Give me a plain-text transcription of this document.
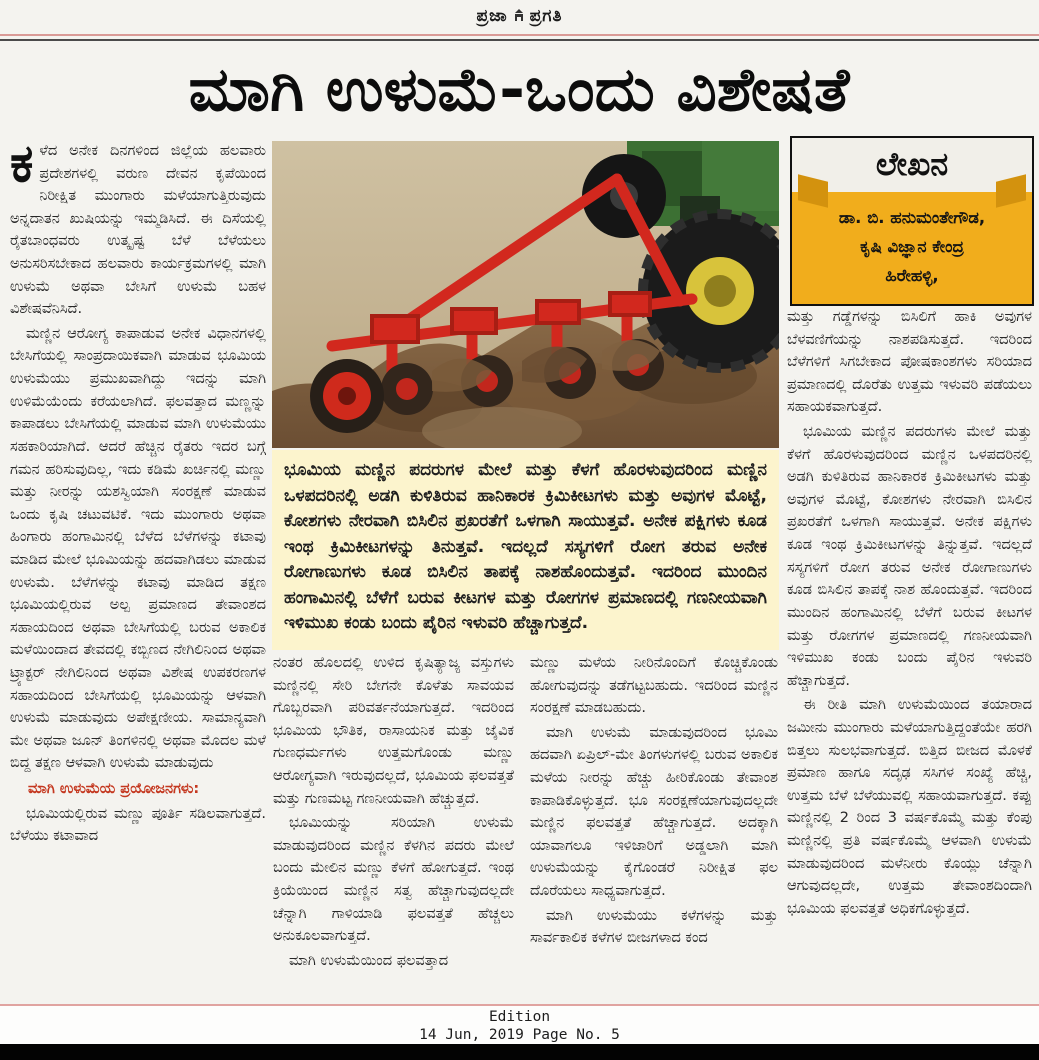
ಪ್ರಜಾ ಪ್ರಗತಿ
ಮಾಗಿ ಉಳುಮೆ-ಒಂದು ವಿಶೇಷತೆ

ಕಳೆದ ಅನೇಕ ದಿನಗಳಿಂದ ಜಿಲ್ಲೆಯ ಹಲವಾರು ಪ್ರದೇಶಗಳಲ್ಲಿ ವರುಣ ದೇವನ ಕೃಪೆಯಿಂದ ನಿರೀಕ್ಷಿತ ಮುಂಗಾರು ಮಳೆಯಾಗುತ್ತಿರುವುದು ಅನ್ನದಾತನ ಖುಷಿಯನ್ನು ಇಮ್ಮಡಿಸಿದೆ. ಈ ದಿಸೆಯಲ್ಲಿ ರೈತಬಾಂಧವರು ಉತ್ಕೃಷ್ಟ ಬೆಳೆ ಬೆಳೆಯಲು ಅನುಸರಿಸಬೇಕಾದ ಹಲವಾರು ಕಾರ್ಯಕ್ರಮಗಳಲ್ಲಿ ಮಾಗಿ ಉಳುಮೆ ಅಥವಾ ಬೇಸಿಗೆ ಉಳುಮೆ ಬಹಳ ವಿಶೇಷವೆನಿಸಿದೆ.

ಮಣ್ಣಿನ ಆರೋಗ್ಯ ಕಾಪಾಡುವ ಅನೇಕ ವಿಧಾನಗಳಲ್ಲಿ ಬೇಸಿಗೆಯಲ್ಲಿ ಸಾಂಪ್ರದಾಯಿಕವಾಗಿ ಮಾಡುವ ಭೂಮಿಯ ಉಳುಮೆಯು ಪ್ರಮುಖವಾಗಿದ್ದು ಇದನ್ನು ಮಾಗಿ ಉಳಿಮೆಯೆಂದು ಕರೆಯಲಾಗಿದೆ. ಫಲವತ್ತಾದ ಮಣ್ಣನ್ನು ಕಾಪಾಡಲು ಬೇಸಿಗೆಯಲ್ಲಿ ಮಾಡುವ ಮಾಗಿ ಉಳುಮೆಯು ಸಹಕಾರಿಯಾಗಿದೆ. ಆದರೆ ಹೆಚ್ಚಿನ ರೈತರು ಇದರ ಬಗ್ಗೆ ಗಮನ ಹರಿಸುವುದಿಲ್ಲ, ಇದು ಕಡಿಮೆ ಖರ್ಚಿನಲ್ಲಿ ಮಣ್ಣು ಮತ್ತು ನೀರನ್ನು ಯಶಸ್ವಿಯಾಗಿ ಸಂರಕ್ಷಣೆ ಮಾಡುವ ಒಂದು ಕೃಷಿ ಚಟುವಟಿಕೆ. ಇದು ಮುಂಗಾರು ಅಥವಾ ಹಿಂಗಾರು ಹಂಗಾಮಿನಲ್ಲಿ ಬೆಳೆದ ಬೆಳೆಗಳನ್ನು ಕಟಾವು ಮಾಡಿದ ಮೇಲೆ ಭೂಮಿಯನ್ನು ಹದವಾಗಿಡಲು ಮಾಡುವ ಉಳುಮೆ. ಬೆಳೆಗಳನ್ನು ಕಟಾವು ಮಾಡಿದ ತಕ್ಷಣ ಭೂಮಿಯಲ್ಲಿರುವ ಅಲ್ಪ ಪ್ರಮಾಣದ ತೇವಾಂಶದ ಸಹಾಯದಿಂದ ಅಥವಾ ಬೇಸಿಗೆಯಲ್ಲಿ ಬರುವ ಅಕಾಲಿಕ ಮಳೆಯಿಂದಾದ ತೇವದಲ್ಲಿ ಕಬ್ಬಿಣದ ನೇಗಿಲಿನಿಂದ ಅಥವಾ ಟ್ರ್ಯಾಕ್ಟರ್ ನೇಗಿಲಿನಿಂದ ಅಥವಾ ವಿಶೇಷ ಉಪಕರಣಗಳ ಸಹಾಯದಿಂದ ಬೇಸಿಗೆಯಲ್ಲಿ ಭೂಮಿಯನ್ನು ಆಳವಾಗಿ ಉಳುಮೆ ಮಾಡುವುದು ಅಪೇಕ್ಷಣೀಯ. ಸಾಮಾನ್ಯವಾಗಿ ಮೇ ಅಥವಾ ಜೂನ್ ತಿಂಗಳಿನಲ್ಲಿ ಅಥವಾ ಮೊದಲ ಮಳೆ ಬಿದ್ದ ತಕ್ಷಣ ಆಳವಾಗಿ ಉಳುಮೆ ಮಾಡುವುದು

ಮಾಗಿ ಉಳುಮೆಯ ಪ್ರಯೋಜನಗಳು:

ಭೂಮಿಯಲ್ಲಿರುವ ಮಣ್ಣು ಪೂರ್ತಿ ಸಡಿಲವಾಗುತ್ತದೆ. ಬೆಳೆಯು ಕಟಾವಾದ

ಭೂಮಿಯ ಮಣ್ಣಿನ ಪದರುಗಳ ಮೇಲೆ ಮತ್ತು ಕೆಳಗೆ ಹೊರಳುವುದರಿಂದ ಮಣ್ಣಿನ ಒಳಪದರಿನಲ್ಲಿ ಅಡಗಿ ಕುಳಿತಿರುವ ಹಾನಿಕಾರಕ ಕ್ರಿಮಿಕೀಟಗಳು ಮತ್ತು ಅವುಗಳ ಮೊಟ್ಟೆ, ಕೋಶಗಳು ನೇರವಾಗಿ ಬಿಸಿಲಿನ ಪ್ರಖರತೆಗೆ ಒಳಗಾಗಿ ಸಾಯುತ್ತವೆ. ಅನೇಕ ಪಕ್ಷಿಗಳು ಕೂಡ ಇಂಥ ಕ್ರಿಮಿಕೀಟಗಳನ್ನು ತಿನುತ್ತವೆ. ಇದಲ್ಲದೆ ಸಸ್ಯಗಳಿಗೆ ರೋಗ ತರುವ ಅನೇಕ ರೋಗಾಣುಗಳು ಕೂಡ ಬಿಸಿಲಿನ ತಾಪಕ್ಕೆ ನಾಶಹೊಂದುತ್ತವೆ. ಇದರಿಂದ ಮುಂದಿನ ಹಂಗಾಮಿನಲ್ಲಿ ಬೆಳೆಗೆ ಬರುವ ಕೀಟಗಳ ಮತ್ತು ರೋಗಗಳ ಪ್ರಮಾಣದಲ್ಲಿ ಗಣನೀಯವಾಗಿ ಇಳಿಮುಖ ಕಂಡು ಬಂದು ಪೈರಿನ ಇಳುವರಿ ಹೆಚ್ಚಾಗುತ್ತದೆ.
ಲೇಖನ
ಡಾ. ಬಿ. ಹನುಮಂತೇಗೌಡ,
ಕೃಷಿ ವಿಜ್ಞಾನ ಕೇಂದ್ರ
ಹಿರೇಹಳ್ಳಿ,

ನಂತರ ಹೊಲದಲ್ಲಿ ಉಳಿದ ಕೃಷಿತ್ಯಾಜ್ಯ ವಸ್ತುಗಳು ಮಣ್ಣಿನಲ್ಲಿ ಸೇರಿ ಬೇಗನೇ ಕೊಳೆತು ಸಾವಯವ ಗೊಬ್ಬರವಾಗಿ ಪರಿವರ್ತನೆಯಾಗುತ್ತದೆ. ಇದರಿಂದ ಭೂಮಿಯ ಭೌತಿಕ, ರಾಸಾಯನಿಕ ಮತ್ತು ಜೈವಿಕ ಗುಣಧರ್ಮಗಳು ಉತ್ತಮಗೊಂಡು ಮಣ್ಣು ಆರೋಗ್ಯವಾಗಿ ಇರುವುದಲ್ಲದೆ, ಭೂಮಿಯ ಫಲವತ್ತತೆ ಮತ್ತು ಗುಣಮಟ್ಟ ಗಣನೀಯವಾಗಿ ಹೆಚ್ಚುತ್ತದೆ.

ಭೂಮಿಯನ್ನು ಸರಿಯಾಗಿ ಉಳುಮೆ ಮಾಡುವುದರಿಂದ ಮಣ್ಣಿನ ಕೆಳಗಿನ ಪದರು ಮೇಲೆ ಬಂದು ಮೇಲಿನ ಮಣ್ಣು ಕೆಳಗೆ ಹೋಗುತ್ತದೆ. ಇಂಥ ಕ್ರಿಯೆಯಿಂದ ಮಣ್ಣಿನ ಸತ್ವ ಹೆಚ್ಚಾಗುವುದಲ್ಲದೇ ಚೆನ್ನಾಗಿ ಗಾಳಿಯಾಡಿ ಫಲವತ್ತತೆ ಹೆಚ್ಚಲು ಅನುಕೂಲವಾಗುತ್ತದೆ.

ಮಾಗಿ ಉಳುಮೆಯಿಂದ ಫಲವತ್ತಾದ

ಮಣ್ಣು ಮಳೆಯ ನೀರಿನೊಂದಿಗೆ ಕೊಚ್ಚಿಕೊಂಡು ಹೋಗುವುದನ್ನು ತಡೆಗಟ್ಟಬಹುದು. ಇದರಿಂದ ಮಣ್ಣಿನ ಸಂರಕ್ಷಣೆ ಮಾಡಬಹುದು.

ಮಾಗಿ ಉಳುಮೆ ಮಾಡುವುದರಿಂದ ಭೂಮಿ ಹದವಾಗಿ ಏಪ್ರಿಲ್-ಮೇ ತಿಂಗಳುಗಳಲ್ಲಿ ಬರುವ ಅಕಾಲಿಕ ಮಳೆಯ ನೀರನ್ನು ಹೆಚ್ಚು ಹೀರಿಕೊಂಡು ತೇವಾಂಶ ಕಾಪಾಡಿಕೊಳ್ಳುತ್ತದೆ. ಭೂ ಸಂರಕ್ಷಣೆಯಾಗುವುದಲ್ಲದೇ ಮಣ್ಣಿನ ಫಲವತ್ತತೆ ಹೆಚ್ಚಾಗುತ್ತದೆ. ಅದಕ್ಕಾಗಿ ಯಾವಾಗಲೂ ಇಳಿಜಾರಿಗೆ ಅಡ್ಡಲಾಗಿ ಮಾಗಿ ಉಳುಮೆಯನ್ನು ಕೈಗೊಂಡರೆ ನಿರೀಕ್ಷಿತ ಫಲ ದೊರೆಯಲು ಸಾಧ್ಯವಾಗುತ್ತದೆ.

ಮಾಗಿ ಉಳುಮೆಯು ಕಳೆಗಳನ್ನು ಮತ್ತು ಸಾರ್ವಕಾಲಿಕ ಕಳೆಗಳ ಬೀಜಗಳಾದ ಕಂದ

ಮತ್ತು ಗಡ್ಡೆಗಳನ್ನು ಬಿಸಿಲಿಗೆ ಹಾಕಿ ಅವುಗಳ ಬೆಳವಣಿಗೆಯನ್ನು ನಾಶಪಡಿಸುತ್ತದೆ. ಇದರಿಂದ ಬೆಳೆಗಳಿಗೆ ಸಿಗಬೇಕಾದ ಪೋಷಕಾಂಶಗಳು ಸರಿಯಾದ ಪ್ರಮಾಣದಲ್ಲಿ ದೊರೆತು ಉತ್ತಮ ಇಳುವರಿ ಪಡೆಯಲು ಸಹಾಯಕವಾಗುತ್ತದೆ.

ಭೂಮಿಯ ಮಣ್ಣಿನ ಪದರುಗಳು ಮೇಲೆ ಮತ್ತು ಕೆಳಗೆ ಹೊರಳುವುದರಿಂದ ಮಣ್ಣಿನ ಒಳಪದರಿನಲ್ಲಿ ಅಡಗಿ ಕುಳಿತಿರುವ ಹಾನಿಕಾರಕ ಕ್ರಿಮಿಕೀಟಗಳು ಮತ್ತು ಅವುಗಳ ಮೊಟ್ಟೆ, ಕೋಶಗಳು ನೇರವಾಗಿ ಬಿಸಿಲಿನ ಪ್ರಖರತೆಗೆ ಒಳಗಾಗಿ ಸಾಯುತ್ತವೆ. ಅನೇಕ ಪಕ್ಷಿಗಳು ಕೂಡ ಇಂಥ ಕ್ರಿಮಿಕೀಟಗಳನ್ನು ತಿನ್ನುತ್ತವೆ. ಇದಲ್ಲದೆ ಸಸ್ಯಗಳಿಗೆ ರೋಗ ತರುವ ಅನೇಕ ರೋಗಾಣುಗಳು ಕೂಡ ಬಿಸಿಲಿನ ತಾಪಕ್ಕೆ ನಾಶ ಹೊಂದುತ್ತವೆ. ಇದರಿಂದ ಮುಂದಿನ ಹಂಗಾಮಿನಲ್ಲಿ ಬೆಳೆಗೆ ಬರುವ ಕೀಟಗಳ ಮತ್ತು ರೋಗಗಳ ಪ್ರಮಾಣದಲ್ಲಿ ಗಣನೀಯವಾಗಿ ಇಳಿಮುಖ ಕಂಡು ಬಂದು ಪೈರಿನ ಇಳುವರಿ ಹೆಚ್ಚಾಗುತ್ತದೆ.

ಈ ರೀತಿ ಮಾಗಿ ಉಳುಮೆಯಿಂದ ತಯಾರಾದ ಜಮೀನು ಮುಂಗಾರು ಮಳೆಯಾಗುತ್ತಿದ್ದಂತೆಯೇ ಹರಗಿ ಬಿತ್ತಲು ಸುಲಭವಾಗುತ್ತದೆ. ಬಿತ್ತಿದ ಬೀಜದ ಮೊಳಕೆ ಪ್ರಮಾಣ ಹಾಗೂ ಸದೃಢ ಸಸಿಗಳ ಸಂಖ್ಯೆ ಹೆಚ್ಚಿ, ಉತ್ತಮ ಬೆಳೆ ಬೆಳೆಯುವಲ್ಲಿ ಸಹಾಯವಾಗುತ್ತದೆ. ಕಪ್ಪು ಮಣ್ಣಿನಲ್ಲಿ 2 ರಿಂದ 3 ವರ್ಷಕೊಮ್ಮೆ ಮತ್ತು ಕೆಂಪು ಮಣ್ಣಿನಲ್ಲಿ ಪ್ರತಿ ವರ್ಷಕೊಮ್ಮೆ ಆಳವಾಗಿ ಉಳುಮೆ ಮಾಡುವುದರಿಂದ ಮಳೆನೀರು ಕೊಯ್ಲು ಚೆನ್ನಾಗಿ ಆಗುವುದಲ್ಲದೇ, ಉತ್ತಮ ತೇವಾಂಶದಿಂದಾಗಿ ಭೂಮಿಯ ಫಲವತ್ತತೆ ಅಧಿಕಗೊಳ್ಳುತ್ತದೆ.

Edition
14 Jun, 2019 Page No. 5
